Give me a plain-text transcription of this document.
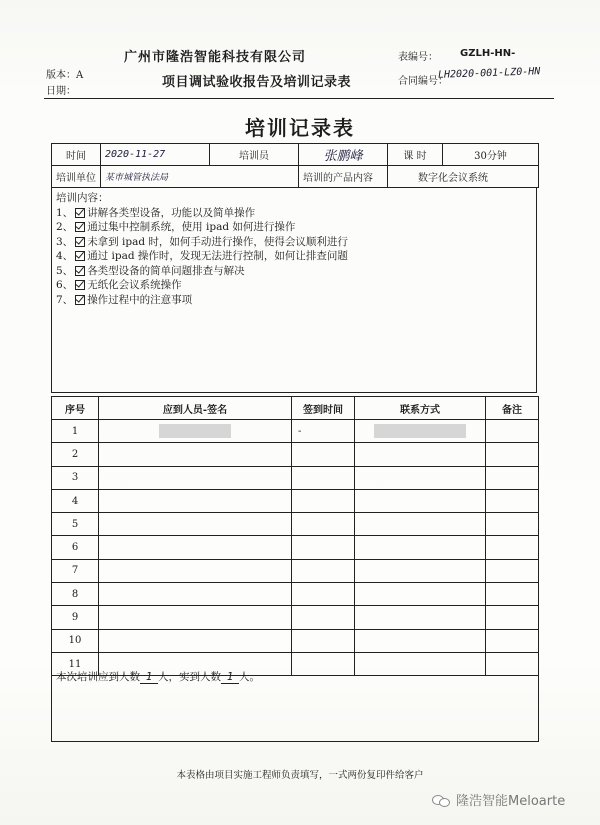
广州市隆浩智能科技有限公司
版本：A
日期：
项目调试验收报告及培训记录表
表编号： GZLH-HN-
合同编号：
LH2020-001-LZ0-HN
培训记录表
时间	2020-11-27	培训员	张鹏峰	课 时	30分钟
培训单位	某市城管执法局		培训的产品内容	数字化会议系统	
培训内容：
1、 讲解各类型设备，功能以及简单操作
2、 通过集中控制系统，使用 ipad 如何进行操作
3、 未拿到 ipad 时，如何手动进行操作，使得会议顺利进行
4、 通过 ipad 操作时，发现无法进行控制，如何让排查问题
5、 各类型设备的简单问题排查与解决
6、 无纸化会议系统操作
7、 操作过程中的注意事项
序号	应到人员-签名	签到时间	联系方式	备注
1		-		
2				
3				
4				
5				
6				
7				
8				
9				
10				
11				
本次培训应到人数 1 人，实到人数 1 人。
本表格由项目实施工程师负责填写，一式两份复印件给客户
隆浩智能Meloarte
